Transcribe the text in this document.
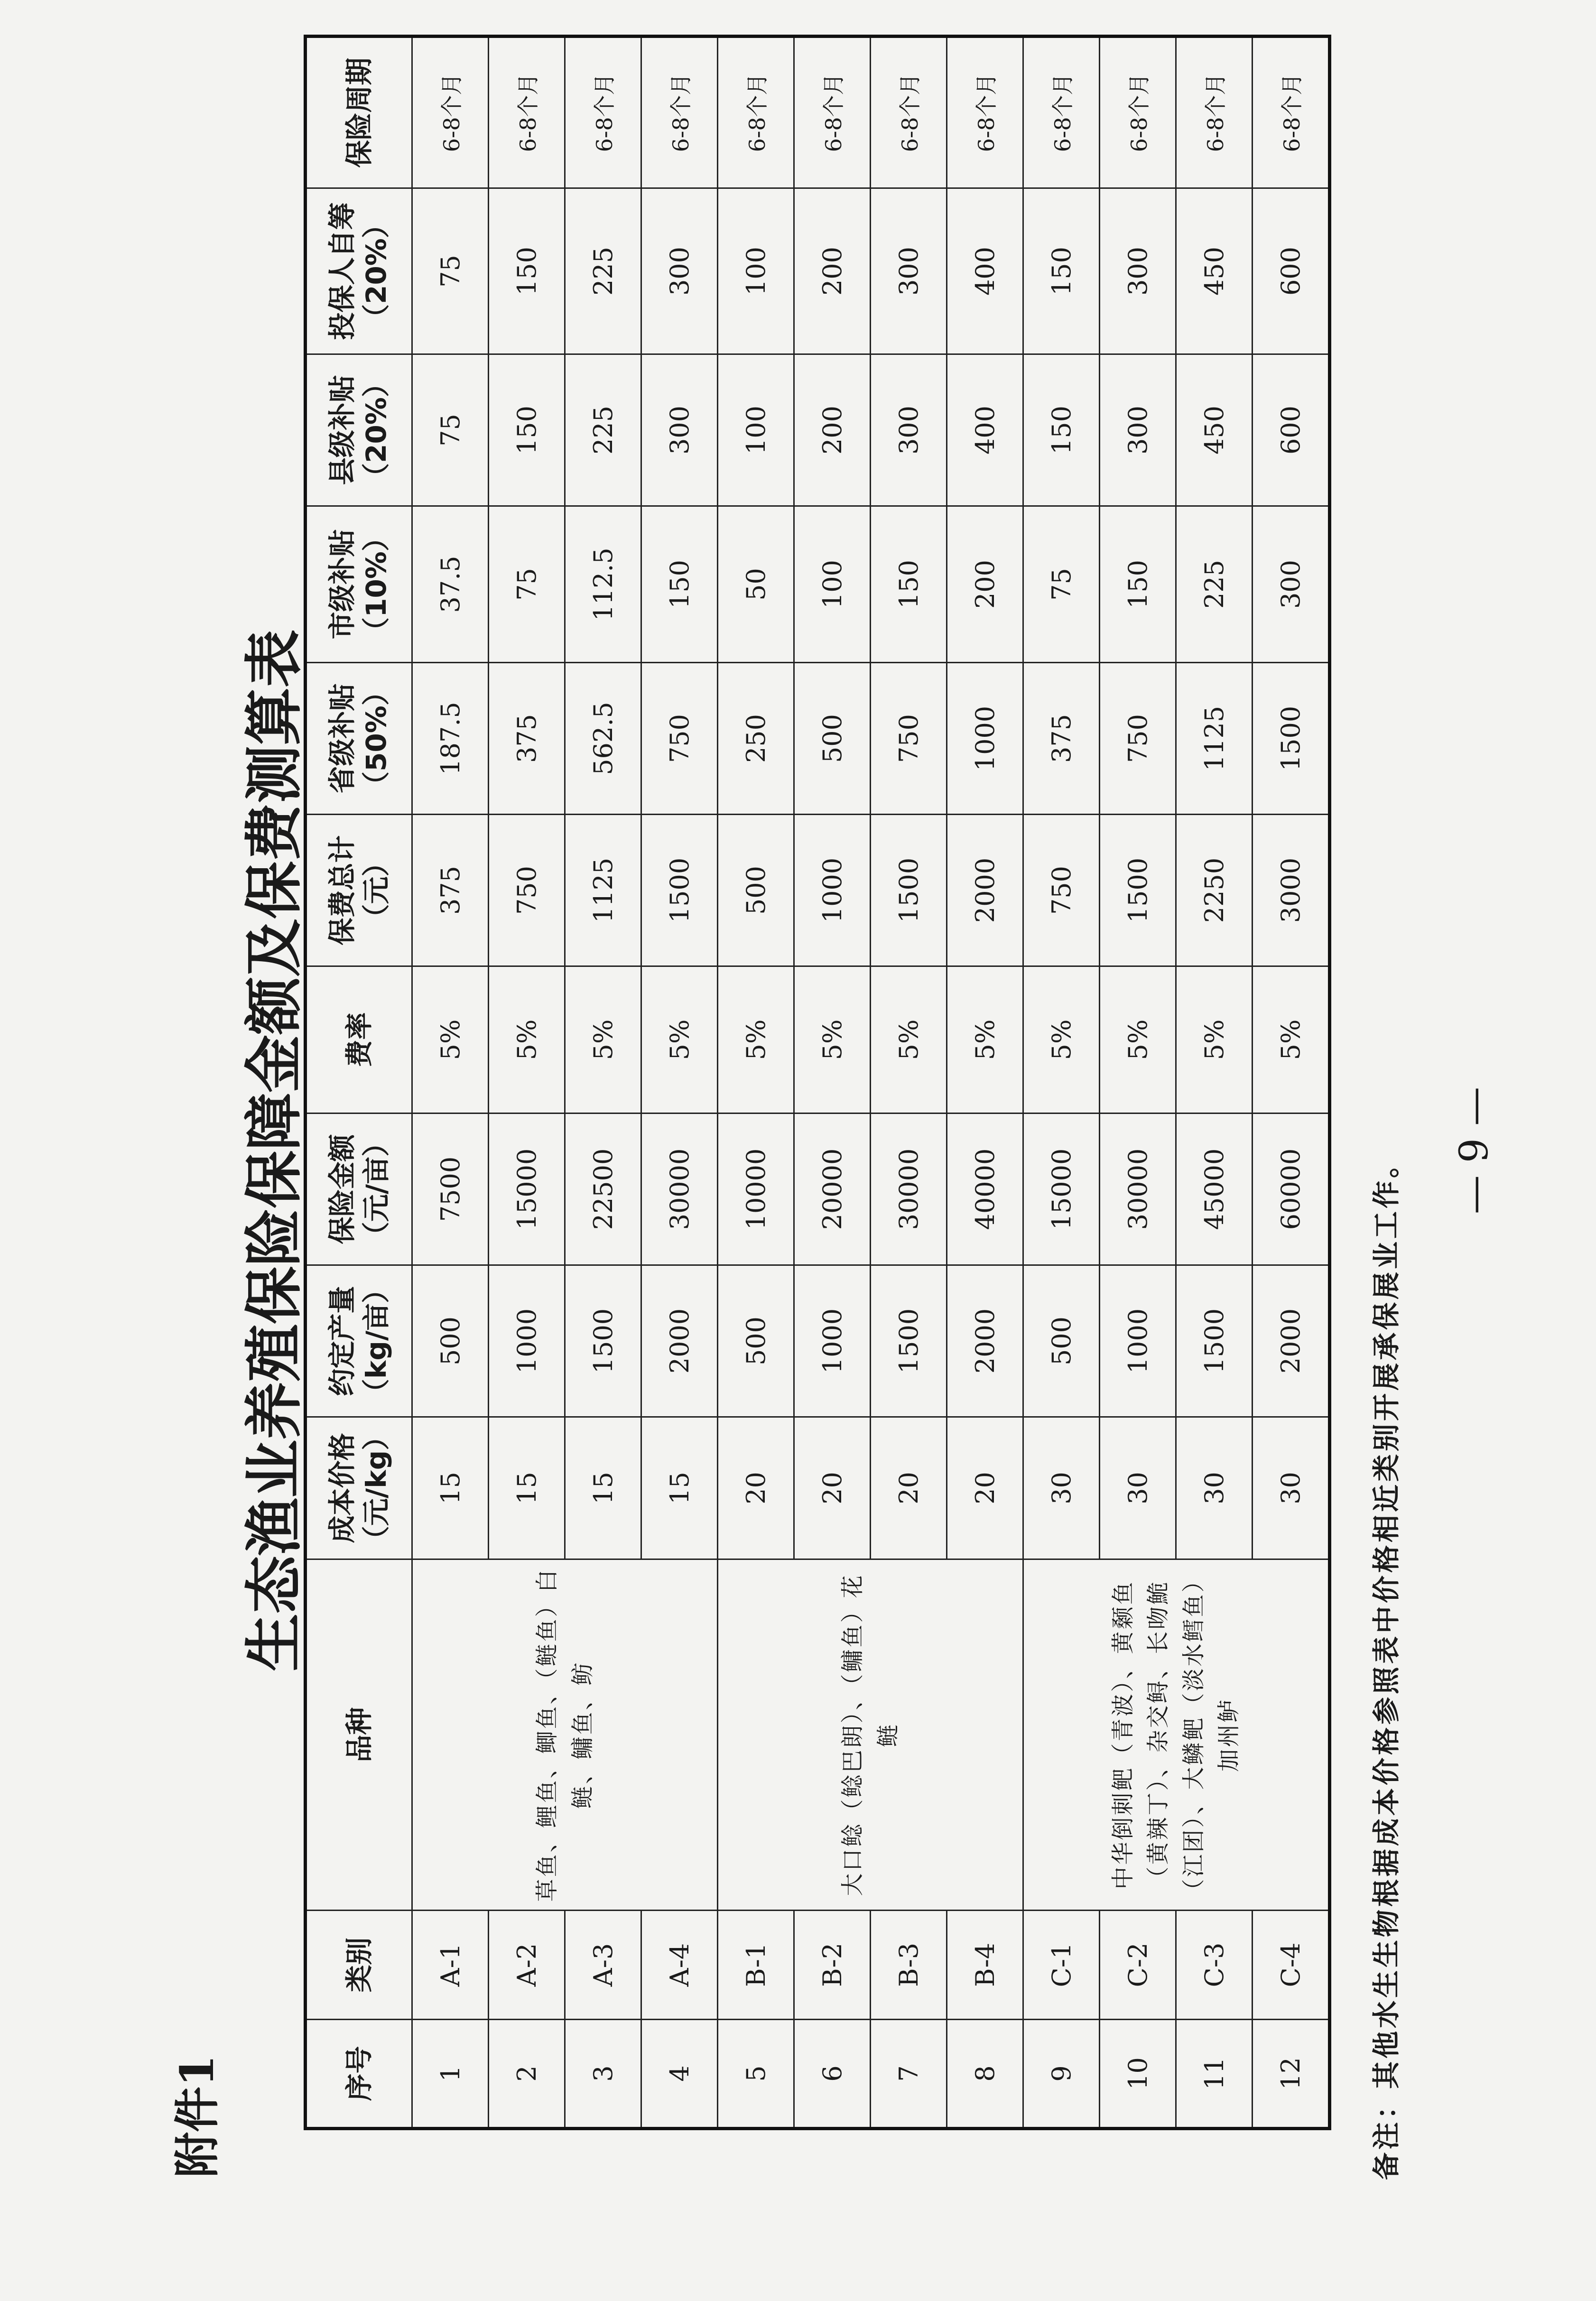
附件1
生态渔业养殖保险保障金额及保费测算表
序号	类别	品种	成本价格（元/kg）	约定产量（kg/亩）	保险金额（元/亩）	费率	保费总计（元）	省级补贴（50%）	市级补贴（10%）	县级补贴（20%）	投保人自筹（20%）	保险周期
1	A-1	草鱼、鲤鱼、鲫鱼、（鲢鱼）白鲢、鳙鱼、鲂	15	500	7500	5%	375	187.5	37.5	75	75	6-8个月
2	A-2		15	1000	15000	5%	750	375	75	150	150	6-8个月
3	A-3		15	1500	22500	5%	1125	562.5	112.5	225	225	6-8个月
4	A-4		15	2000	30000	5%	1500	750	150	300	300	6-8个月
5	B-1	大口鲶（鲶巴朗）、（鳙鱼）花鲢	20	500	10000	5%	500	250	50	100	100	6-8个月
6	B-2		20	1000	20000	5%	1000	500	100	200	200	6-8个月
7	B-3		20	1500	30000	5%	1500	750	150	300	300	6-8个月
8	B-4		20	2000	40000	5%	2000	1000	200	400	400	6-8个月
9	C-1	中华倒刺鲃（青波）、黄颡鱼（黄辣丁）、杂交鲟、长吻鮠（江团）、大鳞鲃（淡水鳕鱼）加州鲈	30	500	15000	5%	750	375	75	150	150	6-8个月
10	C-2		30	1000	30000	5%	1500	750	150	300	300	6-8个月
11	C-3		30	1500	45000	5%	2250	1125	225	450	450	6-8个月
12	C-4		30	2000	60000	5%	3000	1500	300	600	600	6-8个月
备注：其他水生生物根据成本价格参照表中价格相近类别开展承保展业工作。 — 9 —
